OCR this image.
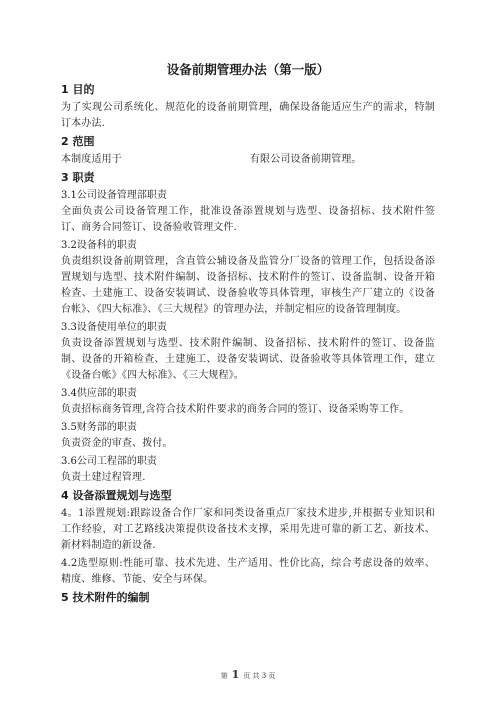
设备前期管理办法（第一版）
1 目的
为了实现公司系统化、规范化的设备前期管理，确保设备能适应生产的需求，特制订本办法.
2 范围
本制度适用于	有限公司设备前期管理。
3 职责
3.1公司设备管理部职责
全面负责公司设备管理工作，批准设备添置规划与选型、设备招标、技术附件签订、商务合同签订、设备验收管理文件.
3.2设备科的职责
负责组织设备前期管理，含直管公辅设备及监管分厂设备的管理工作，包括设备添置规划与选型、技术附件编制、设备招标、技术附件的签订、设备监制、设备开箱检查、土建施工、设备安装调试、设备验收等具体管理，审核生产厂建立的《设备台帐》、《四大标准》、《三大规程》的管理办法，并制定相应的设备管理制度。
3.3设备使用单位的职责
负责设备添置规划与选型、技术附件编制、设备招标、技术附件的签订、设备监制、设备的开箱检查、土建施工、设备安装调试、设备验收等具体管理工作，建立《设备台帐》《四大标准》、《三大规程》。
3.4供应部的职责
负责招标商务管理,含符合技术附件要求的商务合同的签订、设备采购等工作。
3.5财务部的职责
负责资金的审查、拨付。
3.6公司工程部的职责
负责土建过程管理.
4 设备添置规划与选型
4。1添置规划:跟踪设备合作厂家和同类设备重点厂家技术进步,并根据专业知识和工作经验，对工艺路线决策提供设备技术支撑，采用先进可靠的新工艺、新技术、新材料制造的新设备.
4.2选型原则:性能可靠、技术先进、生产适用、性价比高，综合考虑设备的效率、精度、维修、节能、安全与环保。
5 技术附件的编制
第 1 页 共 3 页
